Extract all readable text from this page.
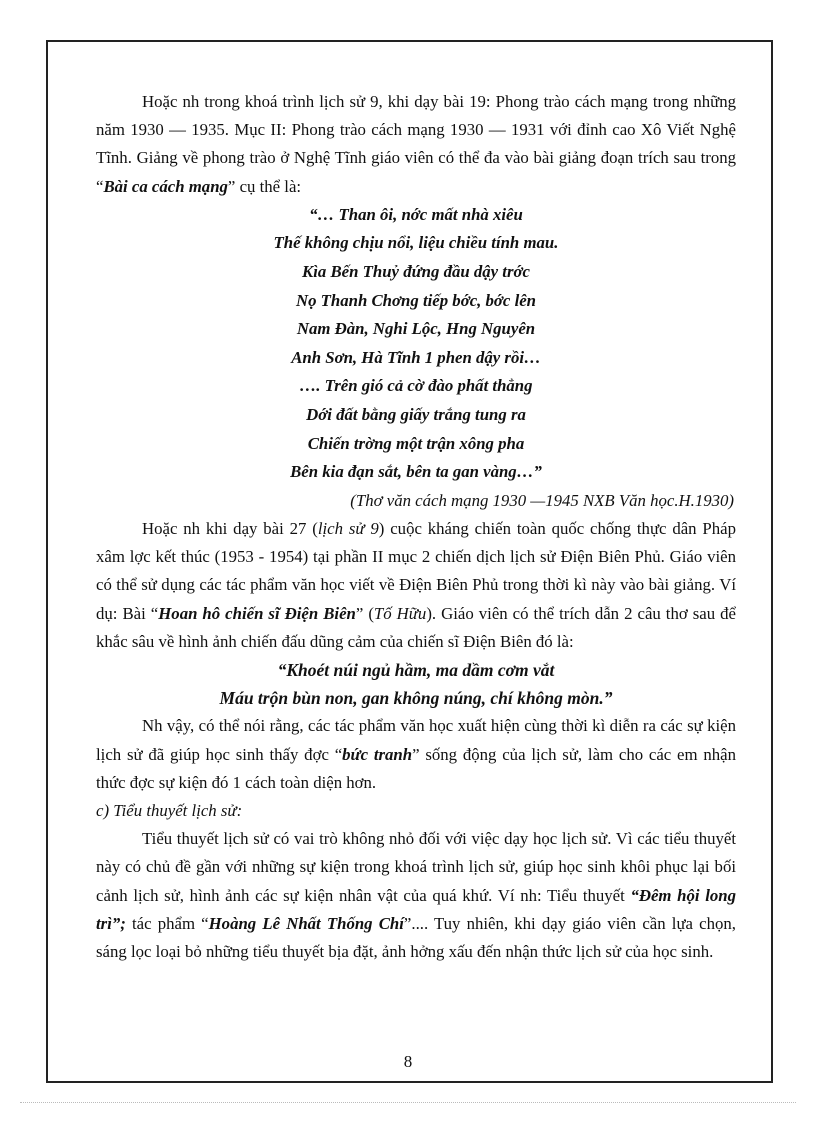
Hoặc nh trong khoá trình lịch sử 9, khi dạy bài 19: Phong trào cách mạng trong những năm 1930 — 1935. Mục II: Phong trào cách mạng 1930 — 1931 với đỉnh cao Xô Viết Nghệ Tĩnh. Giảng về phong trào ở Nghệ Tĩnh giáo viên có thể đa vào bài giảng đoạn trích sau trong “Bài ca cách mạng” cụ thể là:

“… Than ôi, nớc mất nhà xiêu
Thế không chịu nổi, liệu chiều tính mau.
Kìa Bến Thuỷ đứng đầu dậy trớc
Nọ Thanh Chơng tiếp bớc, bớc lên
Nam Đàn, Nghi Lộc, Hng Nguyên
Anh Sơn, Hà Tĩnh 1 phen dậy rồi…
…. Trên gió cả cờ đào phất thẳng
Dới đất bằng giấy trắng tung ra
Chiến trờng một trận xông pha
Bên kia đạn sắt, bên ta gan vàng…”

(Thơ văn cách mạng 1930 —1945 NXB Văn học.H.1930)

Hoặc nh khi dạy bài 27 (lịch sử 9) cuộc kháng chiến toàn quốc chống thực dân Pháp xâm lợc kết thúc (1953 - 1954) tại phần II mục 2 chiến dịch lịch sử Điện Biên Phủ. Giáo viên có thể sử dụng các tác phẩm văn học viết về Điện Biên Phủ trong thời kì này vào bài giảng. Ví dụ: Bài “Hoan hô chiến sĩ Điện Biên” (Tố Hữu). Giáo viên có thể trích dẫn 2 câu thơ sau để khắc sâu về hình ảnh chiến đấu dũng cảm của chiến sĩ Điện Biên đó là:

“Khoét núi ngủ hầm, ma dầm cơm vắt
Máu trộn bùn non, gan không núng, chí không mòn.”

Nh vậy, có thể nói rằng, các tác phẩm văn học xuất hiện cùng thời kì diễn ra các sự kiện lịch sử đã giúp học sinh thấy đợc “bức tranh” sống động của lịch sử, làm cho các em nhận thức đợc sự kiện đó 1 cách toàn diện hơn.

c) Tiểu thuyết lịch sử:

Tiểu thuyết lịch sử có vai trò không nhỏ đối với việc dạy học lịch sử. Vì các tiểu thuyết này có chủ đề gần với những sự kiện trong khoá trình lịch sử, giúp học sinh khôi phục lại bối cảnh lịch sử, hình ảnh các sự kiện nhân vật của quá khứ. Ví nh: Tiểu thuyết “Đêm hội long trì”; tác phẩm “Hoàng Lê Nhất Thống Chí”.... Tuy nhiên, khi dạy giáo viên cần lựa chọn, sáng lọc loại bỏ những tiểu thuyết bịa đặt, ảnh hởng xấu đến nhận thức lịch sử của học sinh.

8
